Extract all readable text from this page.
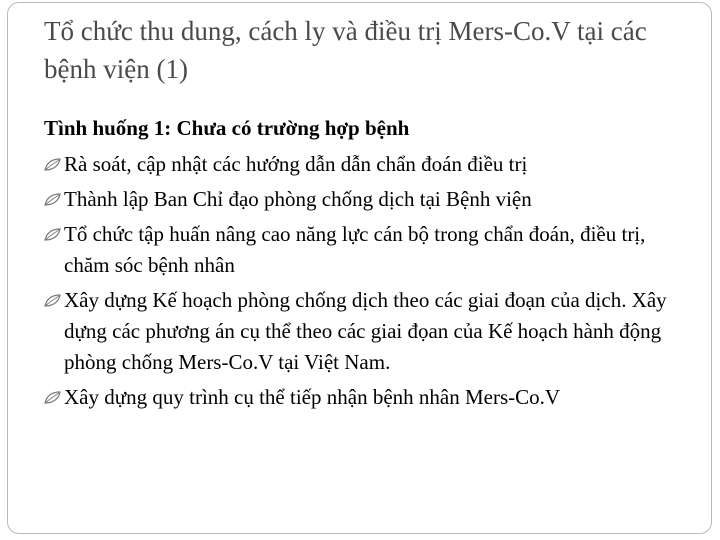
Tổ chức thu dung, cách ly và điều trị Mers-Co.V tại các bệnh viện (1)
Tình huống 1: Chưa có trường hợp bệnh
Rà soát, cập nhật các hướng dẫn dẫn chẩn đoán điều trị
Thành lập Ban Chỉ đạo phòng chống dịch tại Bệnh viện
Tổ chức tập huấn nâng cao năng lực cán bộ trong chẩn đoán, điều trị, chăm sóc bệnh nhân
Xây dựng Kế hoạch phòng chống dịch theo các giai đoạn của dịch. Xây dựng các phương án cụ thể theo các giai đọan của Kế hoạch hành động phòng chống Mers-Co.V tại Việt Nam.
Xây dựng quy trình cụ thể tiếp nhận bệnh nhân Mers-Co.V
